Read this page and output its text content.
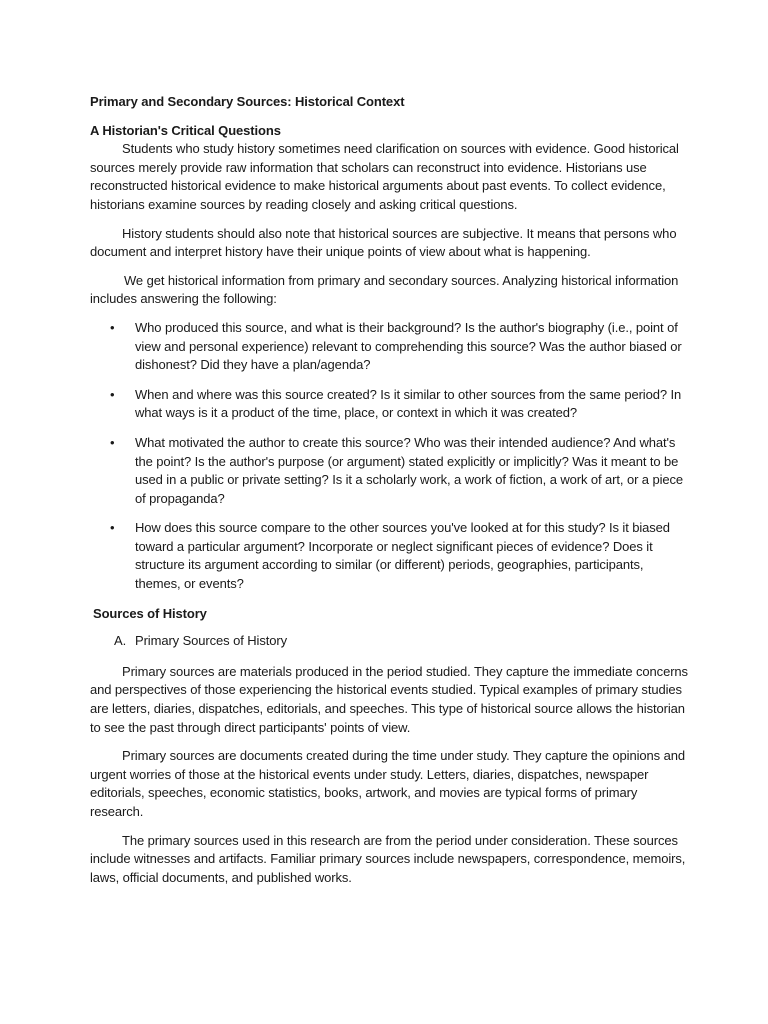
Primary and Secondary Sources: Historical Context
A Historian's Critical Questions

Students who study history sometimes need clarification on sources with evidence. Good historical sources merely provide raw information that scholars can reconstruct into evidence. Historians use reconstructed historical evidence to make historical arguments about past events. To collect evidence, historians examine sources by reading closely and asking critical questions.

History students should also note that historical sources are subjective. It means that persons who document and interpret history have their unique points of view about what is happening.

We get historical information from primary and secondary sources. Analyzing historical information includes answering the following:

•	Who produced this source, and what is their background? Is the author's biography (i.e., point of view and personal experience) relevant to comprehending this source? Was the author biased or dishonest? Did they have a plan/agenda?
•	When and where was this source created? Is it similar to other sources from the same period? In what ways is it a product of the time, place, or context in which it was created?
•	What motivated the author to create this source? Who was their intended audience? And what's the point? Is the author's purpose (or argument) stated explicitly or implicitly? Was it meant to be used in a public or private setting? Is it a scholarly work, a work of fiction, a work of art, or a piece of propaganda?
•	How does this source compare to the other sources you've looked at for this study? Is it biased toward a particular argument? Incorporate or neglect significant pieces of evidence? Does it structure its argument according to similar (or different) periods, geographies, participants, themes, or events?
Sources of History
A. Primary Sources of History

Primary sources are materials produced in the period studied. They capture the immediate concerns and perspectives of those experiencing the historical events studied. Typical examples of primary studies are letters, diaries, dispatches, editorials, and speeches. This type of historical source allows the historian to see the past through direct participants' points of view.

Primary sources are documents created during the time under study. They capture the opinions and urgent worries of those at the historical events under study. Letters, diaries, dispatches, newspaper editorials, speeches, economic statistics, books, artwork, and movies are typical forms of primary research.

The primary sources used in this research are from the period under consideration. These sources include witnesses and artifacts. Familiar primary sources include newspapers, correspondence, memoirs, laws, official documents, and published works.
